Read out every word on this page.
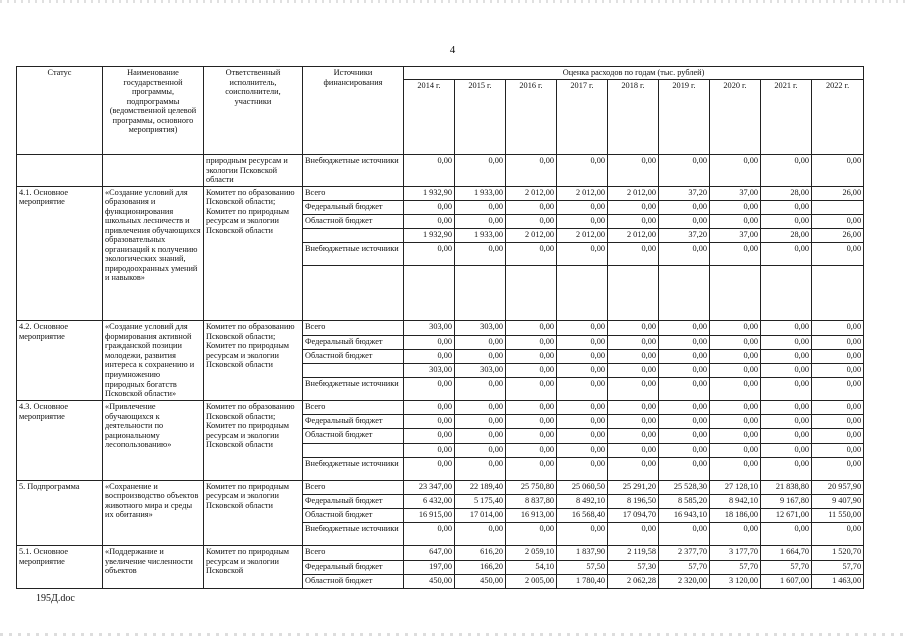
4
Статус	Наименование государственной программы, подпрограммы (ведомственной целевой программы, основного мероприятия)	Ответственный исполнитель, соисполнители, участники	Источники финансирования	Оценка расходов по годам (тыс. рублей)								
				2014 г.	2015 г.	2016 г.	2017 г.	2018 г.	2019 г.	2020 г.	2021 г.	2022 г.
		природным ресурсам и экологии Псковской области	Внебюджетные источники	0,00	0,00	0,00	0,00	0,00	0,00	0,00	0,00	0,00
4.1. Основное мероприятие	«Создание условий для образования и функционирования школьных лесничеств и привлечения обучающихся образовательных организаций к получению экологических знаний, природоохранных умений и навыков»	Комитет по образованию Псковской области; Комитет по природным ресурсам и экологии Псковской области	Всего	1 932,90	1 933,00	2 012,00	2 012,00	2 012,00	37,20	37,00	28,00	26,00
			Федеральный бюджет	0,00	0,00	0,00	0,00	0,00	0,00	0,00	0,00	
			Областной бюджет	0,00	0,00	0,00	0,00	0,00	0,00	0,00	0,00	0,00
				1 932,90	1 933,00	2 012,00	2 012,00	2 012,00	37,20	37,00	28,00	26,00
			Внебюджетные источники	0,00	0,00	0,00	0,00	0,00	0,00	0,00	0,00	0,00

4.2. Основное мероприятие	«Создание условий для формирования активной гражданской позиции молодежи, развития интереса к сохранению и приумножению природных богатств Псковской области»	Комитет по образованию Псковской области; Комитет по природным ресурсам и экологии Псковской области	Всего	303,00	303,00	0,00	0,00	0,00	0,00	0,00	0,00	0,00
			Федеральный бюджет	0,00	0,00	0,00	0,00	0,00	0,00	0,00	0,00	0,00
			Областной бюджет	0,00	0,00	0,00	0,00	0,00	0,00	0,00	0,00	0,00
				303,00	303,00	0,00	0,00	0,00	0,00	0,00	0,00	0,00
			Внебюджетные источники	0,00	0,00	0,00	0,00	0,00	0,00	0,00	0,00	0,00
4.3. Основное мероприятие	«Привлечение обучающихся к деятельности по рациональному лесопользованию»	Комитет по образованию Псковской области; Комитет по природным ресурсам и экологии Псковской области	Всего	0,00	0,00	0,00	0,00	0,00	0,00	0,00	0,00	0,00
			Федеральный бюджет	0,00	0,00	0,00	0,00	0,00	0,00	0,00	0,00	0,00
			Областной бюджет	0,00	0,00	0,00	0,00	0,00	0,00	0,00	0,00	0,00
				0,00	0,00	0,00	0,00	0,00	0,00	0,00	0,00	0,00
			Внебюджетные источники	0,00	0,00	0,00	0,00	0,00	0,00	0,00	0,00	0,00
5. Подпрограмма	«Сохранение и воспроизводство объектов животного мира и среды их обитания»	Комитет по природным ресурсам и экологии Псковской области	Всего	23 347,00	22 189,40	25 750,80	25 060,50	25 291,20	25 528,30	27 128,10	21 838,80	20 957,90
			Федеральный бюджет	6 432,00	5 175,40	8 837,80	8 492,10	8 196,50	8 585,20	8 942,10	9 167,80	9 407,90
			Областной бюджет	16 915,00	17 014,00	16 913,00	16 568,40	17 094,70	16 943,10	18 186,00	12 671,00	11 550,00
			Внебюджетные источники	0,00	0,00	0,00	0,00	0,00	0,00	0,00	0,00	0,00
5.1. Основное мероприятие	«Поддержание и увеличение численности объектов	Комитет по природным ресурсам и экологии Псковской	Всего	647,00	616,20	2 059,10	1 837,90	2 119,58	2 377,70	3 177,70	1 664,70	1 520,70
			Федеральный бюджет	197,00	166,20	54,10	57,50	57,30	57,70	57,70	57,70	57,70
			Областной бюджет	450,00	450,00	2 005,00	1 780,40	2 062,28	2 320,00	3 120,00	1 607,00	1 463,00
195Д.doc
